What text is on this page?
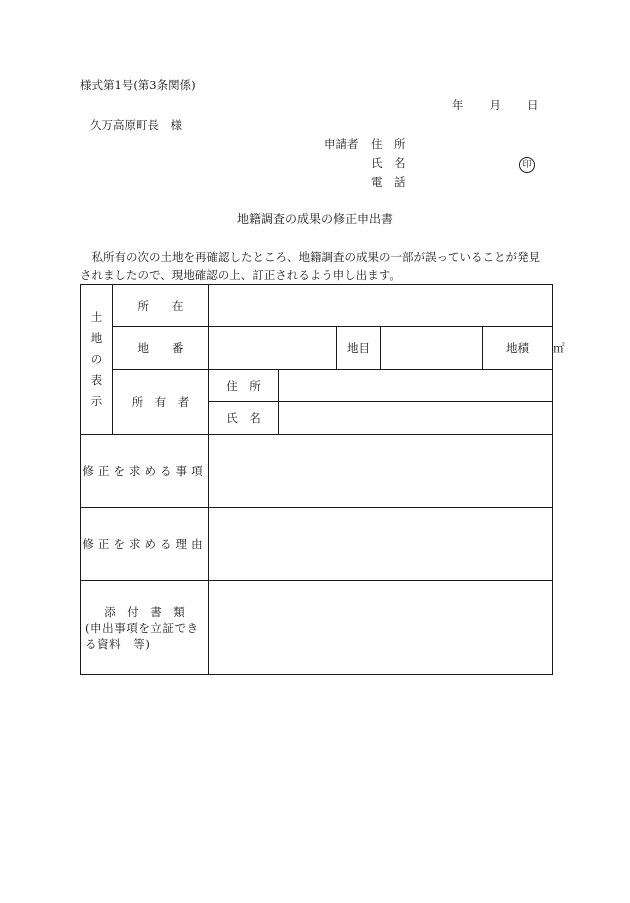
様式第1号(第3条関係)
年 月 日
久万高原町長　様
申請者 住　所
氏　名	印
電　話
地籍調査の成果の修正申出書
私所有の次の土地を再確認したところ、地籍調査の成果の一部が誤っていることが発見されましたので、現地確認の上、訂正されるよう申し出ます。
土
地
の
表
示	所　　在						
	地　　番			地目		地積	㎡
	所　有　者	住　所					
		氏　名					
修正を求める事項							
修正を求める理由							

添　付　書　類
(申出事項を立証できる資料　等)							
